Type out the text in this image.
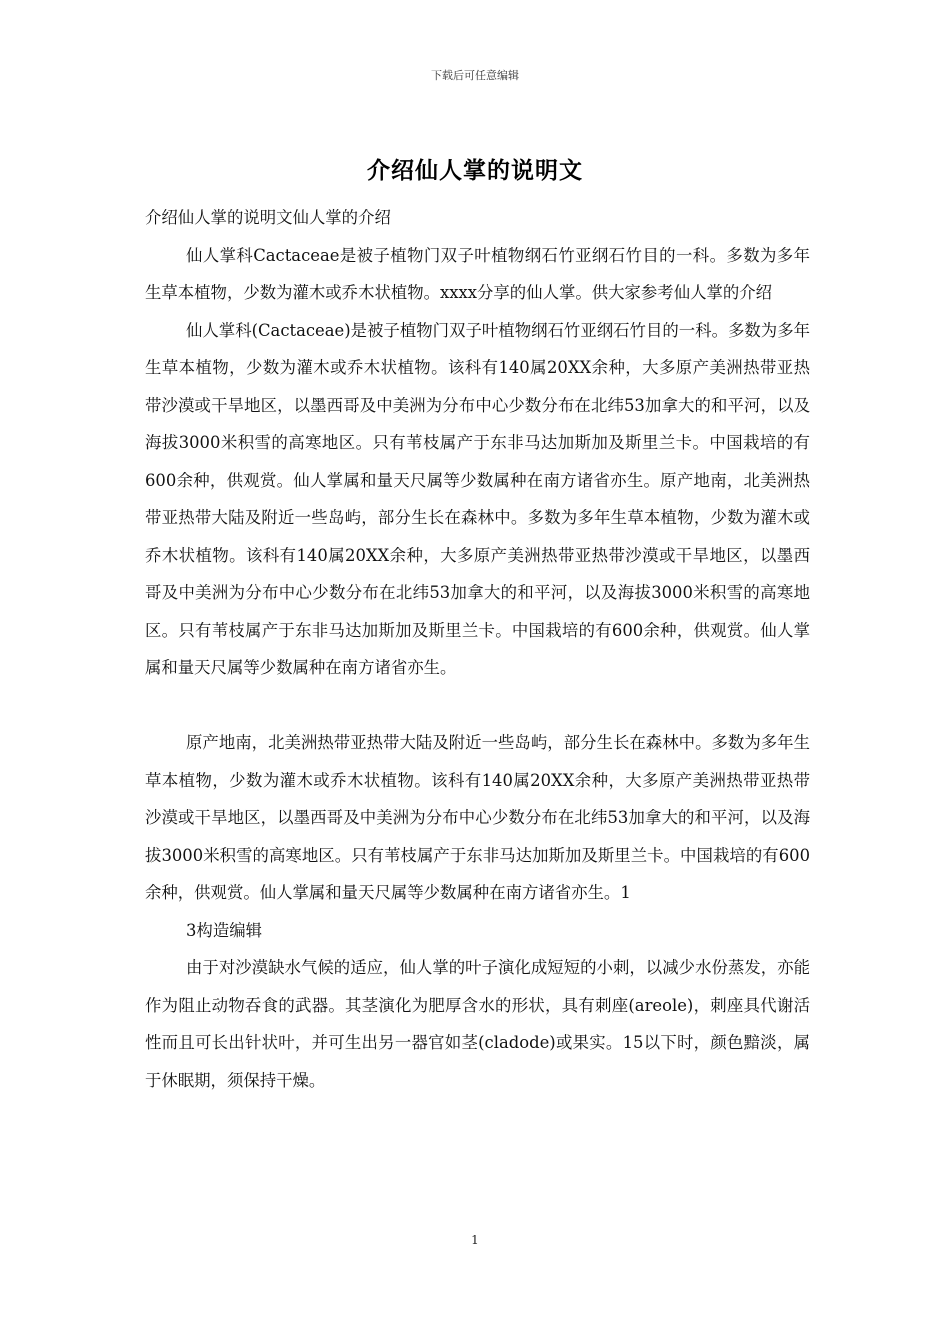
下载后可任意编辑
介绍仙人掌的说明文

介绍仙人掌的说明文仙人掌的介绍

仙人掌科Cactaceae是被子植物门双子叶植物纲石竹亚纲石竹目的一科。多数为多年生草本植物，少数为灌木或乔木状植物。xxxx分享的仙人掌。供大家参考仙人掌的介绍

仙人掌科(Cactaceae)是被子植物门双子叶植物纲石竹亚纲石竹目的一科。多数为多年生草本植物，少数为灌木或乔木状植物。该科有140属20XX余种，大多原产美洲热带亚热带沙漠或干旱地区，以墨西哥及中美洲为分布中心少数分布在北纬53加拿大的和平河，以及海拔3000米积雪的高寒地区。只有苇枝属产于东非马达加斯加及斯里兰卡。中国栽培的有600余种，供观赏。仙人掌属和量天尺属等少数属种在南方诸省亦生。原产地南，北美洲热带亚热带大陆及附近一些岛屿，部分生长在森林中。多数为多年生草本植物，少数为灌木或乔木状植物。该科有140属20XX余种，大多原产美洲热带亚热带沙漠或干旱地区，以墨西哥及中美洲为分布中心少数分布在北纬53加拿大的和平河，以及海拔3000米积雪的高寒地区。只有苇枝属产于东非马达加斯加及斯里兰卡。中国栽培的有600余种，供观赏。仙人掌属和量天尺属等少数属种在南方诸省亦生。

原产地南，北美洲热带亚热带大陆及附近一些岛屿，部分生长在森林中。多数为多年生草本植物，少数为灌木或乔木状植物。该科有140属20XX余种，大多原产美洲热带亚热带沙漠或干旱地区，以墨西哥及中美洲为分布中心少数分布在北纬53加拿大的和平河，以及海拔3000米积雪的高寒地区。只有苇枝属产于东非马达加斯加及斯里兰卡。中国栽培的有600余种，供观赏。仙人掌属和量天尺属等少数属种在南方诸省亦生。1

3构造编辑

由于对沙漠缺水气候的适应，仙人掌的叶子演化成短短的小刺，以减少水份蒸发，亦能作为阻止动物吞食的武器。其茎演化为肥厚含水的形状，具有刺座(areole)，刺座具代谢活性而且可长出针状叶，并可生出另一器官如茎(cladode)或果实。15以下时，颜色黯淡，属于休眠期，须保持干燥。

1
